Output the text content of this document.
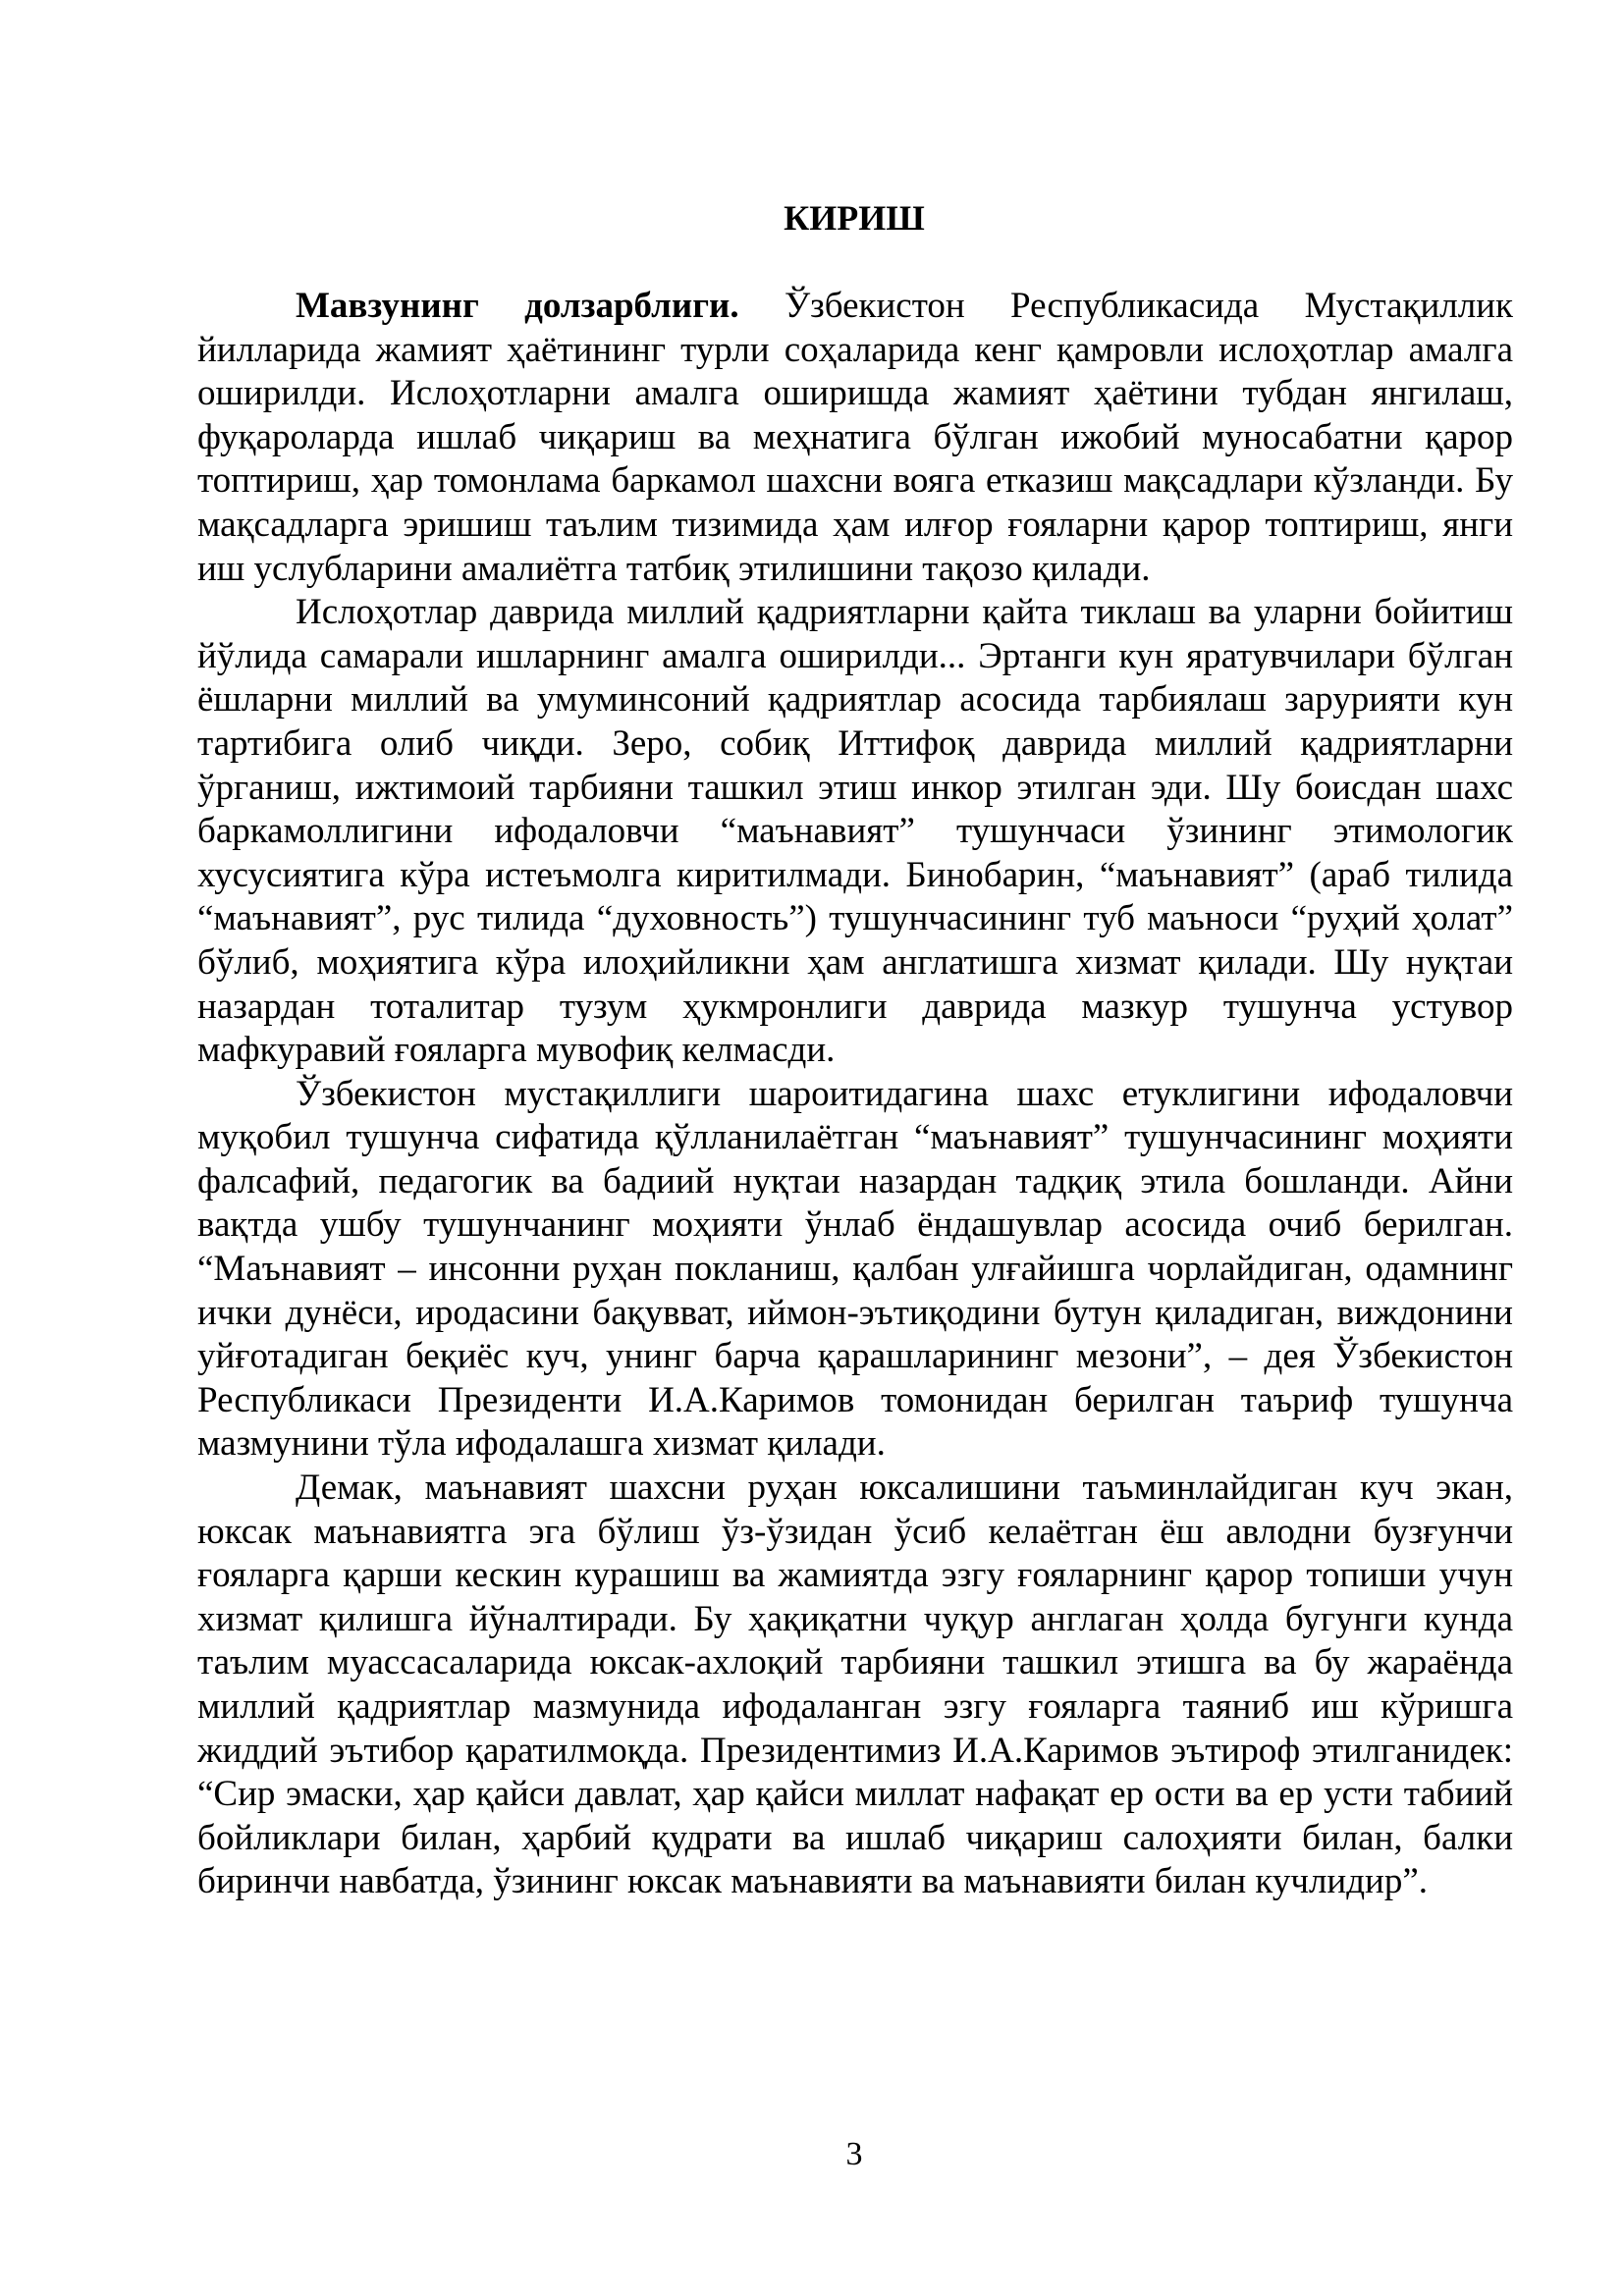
КИРИШ

Мавзунинг долзарблиги. Ўзбекистон Республикасида Мустақиллик йилларида жамият ҳаётининг турли соҳаларида кенг қамровли ислоҳотлар амалга оширилди. Ислоҳотларни амалга оширишда жамият ҳаётини тубдан янгилаш, фуқароларда ишлаб чиқариш ва меҳнатига бўлган ижобий муносабатни қарор топтириш, ҳар томонлама баркамол шахсни вояга етказиш мақсадлари кўзланди. Бу мақсадларга эришиш таълим тизимида ҳам илғор ғояларни қарор топтириш, янги иш услубларини амалиётга татбиқ этилишини тақозо қилади.

Ислоҳотлар даврида миллий қадриятларни қайта тиклаш ва уларни бойитиш йўлида самарали ишларнинг амалга оширилди... Эртанги кун яратувчилари бўлган ёшларни миллий ва умуминсоний қадриятлар асосида тарбиялаш зарурияти кун тартибига олиб чиқди. Зеро, собиқ Иттифоқ даврида миллий қадриятларни ўрганиш, ижтимоий тарбияни ташкил этиш инкор этилган эди. Шу боисдан шахс баркамоллигини ифодаловчи “маънавият” тушунчаси ўзининг этимологик хусусиятига кўра истеъмолга киритилмади. Бинобарин, “маънавият” (араб тилида “маънавият”, рус тилида “духовность”) тушунчасининг туб маъноси “руҳий ҳолат” бўлиб, моҳиятига кўра илоҳийликни ҳам англатишга хизмат қилади. Шу нуқтаи назардан тоталитар тузум ҳукмронлиги даврида мазкур тушунча устувор мафкуравий ғояларга мувофиқ келмасди.

Ўзбекистон мустақиллиги шароитидагина шахс етуклигини ифодаловчи муқобил тушунча сифатида қўлланилаётган “маънавият” тушунчасининг моҳияти фалсафий, педагогик ва бадиий нуқтаи назардан тадқиқ этила бошланди. Айни вақтда ушбу тушунчанинг моҳияти ўнлаб ёндашувлар асосида очиб берилган. “Маънавият – инсонни руҳан покланиш, қалбан улғайишга чорлайдиган, одамнинг ички дунёси, иродасини бақувват, иймон-эътиқодини бутун қиладиган, виждонини уйғотадиган беқиёс куч, унинг барча қарашларининг мезони”, – дея Ўзбекистон Республикаси Президенти И.А.Каримов томонидан берилган таъриф тушунча мазмунини тўла ифодалашга хизмат қилади.

Демак, маънавият шахсни руҳан юксалишини таъминлайдиган куч экан, юксак маънавиятга эга бўлиш ўз-ўзидан ўсиб келаётган ёш авлодни бузғунчи ғояларга қарши кескин курашиш ва жамиятда эзгу ғояларнинг қарор топиши учун хизмат қилишга йўналтиради. Бу ҳақиқатни чуқур англаган ҳолда бугунги кунда таълим муассасаларида юксак-ахлоқий тарбияни ташкил этишга ва бу жараёнда миллий қадриятлар мазмунида ифодаланган эзгу ғояларга таяниб иш кўришга жиддий эътибор қаратилмоқда. Президентимиз И.А.Каримов эътироф этилганидек: “Сир эмаски, ҳар қайси давлат, ҳар қайси миллат нафақат ер ости ва ер усти табиий бойликлари билан, ҳарбий қудрати ва ишлаб чиқариш салоҳияти билан, балки биринчи навбатда, ўзининг юксак маънавияти ва маънавияти билан кучлидир”.

3
